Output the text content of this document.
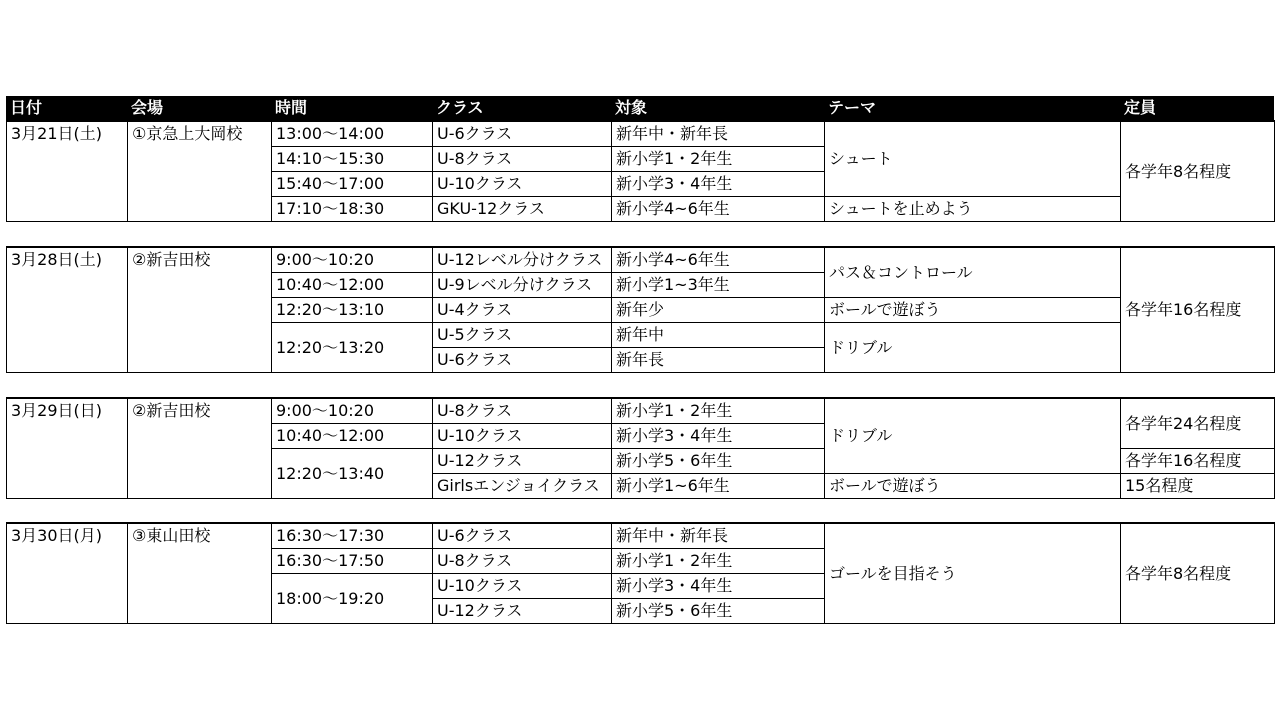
日付	会場	時間	クラス	対象	テーマ	定員
3月21日(土)	①京急上大岡校	13:00～14:00	U-6クラス	新年中・新年長	シュート	各学年8名程度
		14:10～15:30	U-8クラス	新小学1・2年生		
		15:40～17:00	U-10クラス	新小学3・4年生		
		17:10～18:30	GKU-12クラス	新小学4~6年生	シュートを止めよう	
3月28日(土)	②新吉田校	9:00～10:20	U-12レベル分けクラス	新小学4~6年生	パス＆コントロール	各学年16名程度
		10:40～12:00	U-9レベル分けクラス	新小学1~3年生		
		12:20～13:10	U-4クラス	新年少	ボールで遊ぼう	
		12:20～13:20	U-5クラス	新年中	ドリブル	
			U-6クラス	新年長		
3月29日(日)	②新吉田校	9:00～10:20	U-8クラス	新小学1・2年生	ドリブル	各学年24名程度
		10:40～12:00	U-10クラス	新小学3・4年生		
		12:20～13:40	U-12クラス	新小学5・6年生		各学年16名程度
			Girlsエンジョイクラス	新小学1~6年生	ボールで遊ぼう	15名程度
3月30日(月)	③東山田校	16:30～17:30	U-6クラス	新年中・新年長	ゴールを目指そう	各学年8名程度
		16:30～17:50	U-8クラス	新小学1・2年生		
		18:00～19:20	U-10クラス	新小学3・4年生		
			U-12クラス	新小学5・6年生		
